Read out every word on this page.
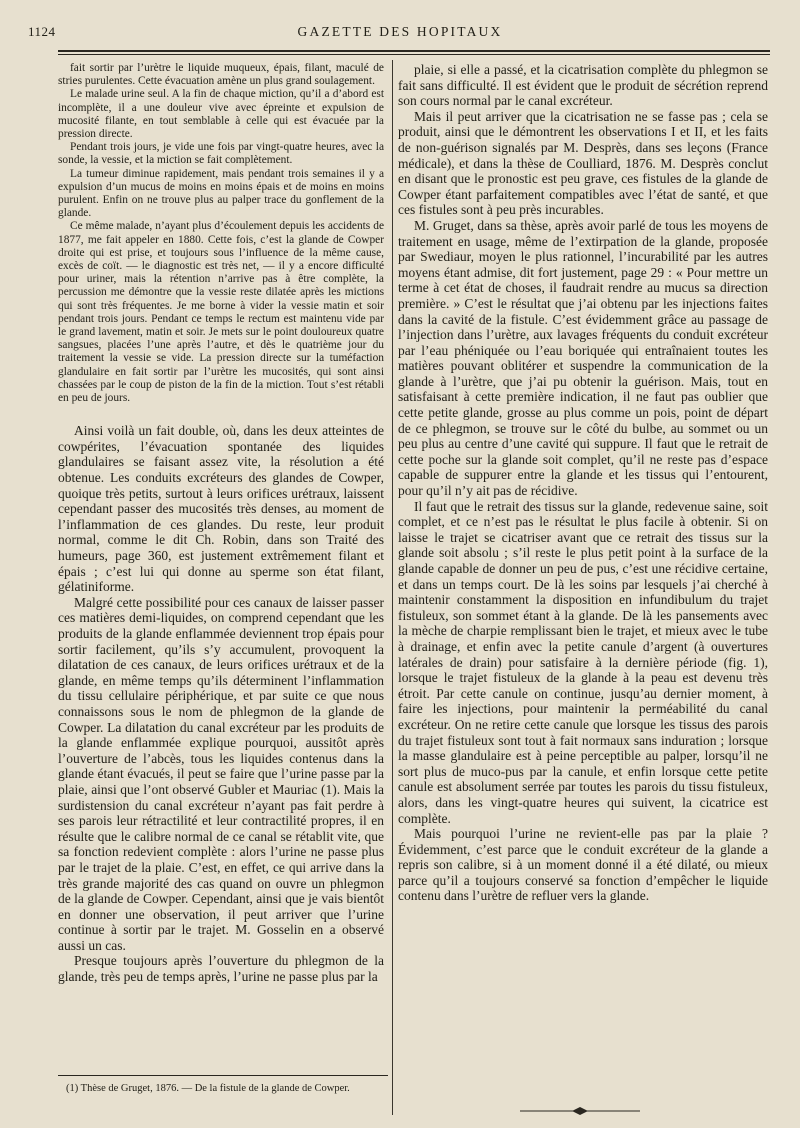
1124	GAZETTE DES HOPITAUX

fait sortir par l’urètre le liquide muqueux, épais, filant, maculé de stries purulentes. Cette évacuation amène un plus grand soulagement.

Le malade urine seul. A la fin de chaque miction, qu’il a d’abord est incomplète, il a une douleur vive avec épreinte et expulsion de mucosité filante, en tout semblable à celle qui est évacuée par la pression directe.

Pendant trois jours, je vide une fois par vingt-quatre heures, avec la sonde, la vessie, et la miction se fait complètement.

La tumeur diminue rapidement, mais pendant trois semaines il y a expulsion d’un mucus de moins en moins épais et de moins en moins purulent. Enfin on ne trouve plus au palper trace du gonflement de la glande.

Ce même malade, n’ayant plus d’écoulement depuis les accidents de 1877, me fait appeler en 1880. Cette fois, c’est la glande de Cowper droite qui est prise, et toujours sous l’influence de la même cause, excès de coït. — le diagnostic est très net, — il y a encore difficulté pour uriner, mais la rétention n’arrive pas à être complète, la percussion me démontre que la vessie reste dilatée après les mictions qui sont très fréquentes. Je me borne à vider la vessie matin et soir pendant trois jours. Pendant ce temps le rectum est maintenu vide par le grand lavement, matin et soir. Je mets sur le point douloureux quatre sangsues, placées l’une après l’autre, et dès le quatrième jour du traitement la vessie se vide. La pression directe sur la tuméfaction glandulaire en fait sortir par l’urètre les mucosités, qui sont ainsi chassées par le coup de piston de la fin de la miction. Tout s’est rétabli en peu de jours.

Ainsi voilà un fait double, où, dans les deux atteintes de cowpérites, l’évacuation spontanée des liquides glandulaires se faisant assez vite, la résolution a été obtenue. Les conduits excréteurs des glandes de Cowper, quoique très petits, surtout à leurs orifices urétraux, laissent cependant passer des mucosités très denses, au moment de l’inflammation de ces glandes. Du reste, leur produit normal, comme le dit Ch. Robin, dans son Traité des humeurs, page 360, est justement extrêmement filant et épais ; c’est lui qui donne au sperme son état filant, gélatiniforme.

Malgré cette possibilité pour ces canaux de laisser passer ces matières demi-liquides, on comprend cependant que les produits de la glande enflammée deviennent trop épais pour sortir facilement, qu’ils s’y accumulent, provoquent la dilatation de ces canaux, de leurs orifices urétraux et de la glande, en même temps qu’ils déterminent l’inflammation du tissu cellulaire périphérique, et par suite ce que nous connaissons sous le nom de phlegmon de la glande de Cowper. La dilatation du canal excréteur par les produits de la glande enflammée explique pourquoi, aussitôt après l’ouverture de l’abcès, tous les liquides contenus dans la glande étant évacués, il peut se faire que l’urine passe par la plaie, ainsi que l’ont observé Gubler et Mauriac (1). Mais la surdistension du canal excréteur n’ayant pas fait perdre à ses parois leur rétractilité et leur contractilité propres, il en résulte que le calibre normal de ce canal se rétablit vite, que sa fonction redevient complète : alors l’urine ne passe plus par le trajet de la plaie. C’est, en effet, ce qui arrive dans la très grande majorité des cas quand on ouvre un phlegmon de la glande de Cowper. Cependant, ainsi que je vais bientôt en donner une observation, il peut arriver que l’urine continue à sortir par le trajet. M. Gosselin en a observé aussi un cas.

Presque toujours après l’ouverture du phlegmon de la glande, très peu de temps après, l’urine ne passe plus par la

plaie, si elle a passé, et la cicatrisation complète du phlegmon se fait sans difficulté. Il est évident que le produit de sécrétion reprend son cours normal par le canal excréteur.

Mais il peut arriver que la cicatrisation ne se fasse pas ; cela se produit, ainsi que le démontrent les observations I et II, et les faits de non-guérison signalés par M. Desprès, dans ses leçons (France médicale), et dans la thèse de Coulliard, 1876. M. Desprès conclut en disant que le pronostic est peu grave, ces fistules de la glande de Cowper étant parfaitement compatibles avec l’état de santé, et que ces fistules sont à peu près incurables.

M. Gruget, dans sa thèse, après avoir parlé de tous les moyens de traitement en usage, même de l’extirpation de la glande, proposée par Swediaur, moyen le plus rationnel, l’incurabilité par les autres moyens étant admise, dit fort justement, page 29 : « Pour mettre un terme à cet état de choses, il faudrait rendre au mucus sa direction première. » C’est le résultat que j’ai obtenu par les injections faites dans la cavité de la fistule. C’est évidemment grâce au passage de l’injection dans l’urètre, aux lavages fréquents du conduit excréteur par l’eau phéniquée ou l’eau boriquée qui entraînaient toutes les matières pouvant oblitérer et suspendre la communication de la glande à l’urètre, que j’ai pu obtenir la guérison. Mais, tout en satisfaisant à cette première indication, il ne faut pas oublier que cette petite glande, grosse au plus comme un pois, point de départ de ce phlegmon, se trouve sur le côté du bulbe, au sommet ou un peu plus au centre d’une cavité qui suppure. Il faut que le retrait de cette poche sur la glande soit complet, qu’il ne reste pas d’espace capable de suppurer entre la glande et les tissus qui l’entourent, pour qu’il n’y ait pas de récidive.

Il faut que le retrait des tissus sur la glande, redevenue saine, soit complet, et ce n’est pas le résultat le plus facile à obtenir. Si on laisse le trajet se cicatriser avant que ce retrait des tissus sur la glande soit absolu ; s’il reste le plus petit point à la surface de la glande capable de donner un peu de pus, c’est une récidive certaine, et dans un temps court. De là les soins par lesquels j’ai cherché à maintenir constamment la disposition en infundibulum du trajet fistuleux, son sommet étant à la glande. De là les pansements avec la mèche de charpie remplissant bien le trajet, et mieux avec le tube à drainage, et enfin avec la petite canule d’argent (à ouvertures latérales de drain) pour satisfaire à la dernière période (fig. 1), lorsque le trajet fistuleux de la glande à la peau est devenu très étroit. Par cette canule on continue, jusqu’au dernier moment, à faire les injections, pour maintenir la perméabilité du canal excréteur. On ne retire cette canule que lorsque les tissus des parois du trajet fistuleux sont tout à fait normaux sans induration ; lorsque la masse glandulaire est à peine perceptible au palper, lorsqu’il ne sort plus de muco-pus par la canule, et enfin lorsque cette petite canule est absolument serrée par toutes les parois du tissu fistuleux, alors, dans les vingt-quatre heures qui suivent, la cicatrice est complète.

Mais pourquoi l’urine ne revient-elle pas par la plaie ? Évidemment, c’est parce que le conduit excréteur de la glande a repris son calibre, si à un moment donné il a été dilaté, ou mieux parce qu’il a toujours conservé sa fonction d’empêcher le liquide contenu dans l’urètre de refluer vers la glande.

(1) Thèse de Gruget, 1876. — De la fistule de la glande de Cowper.
